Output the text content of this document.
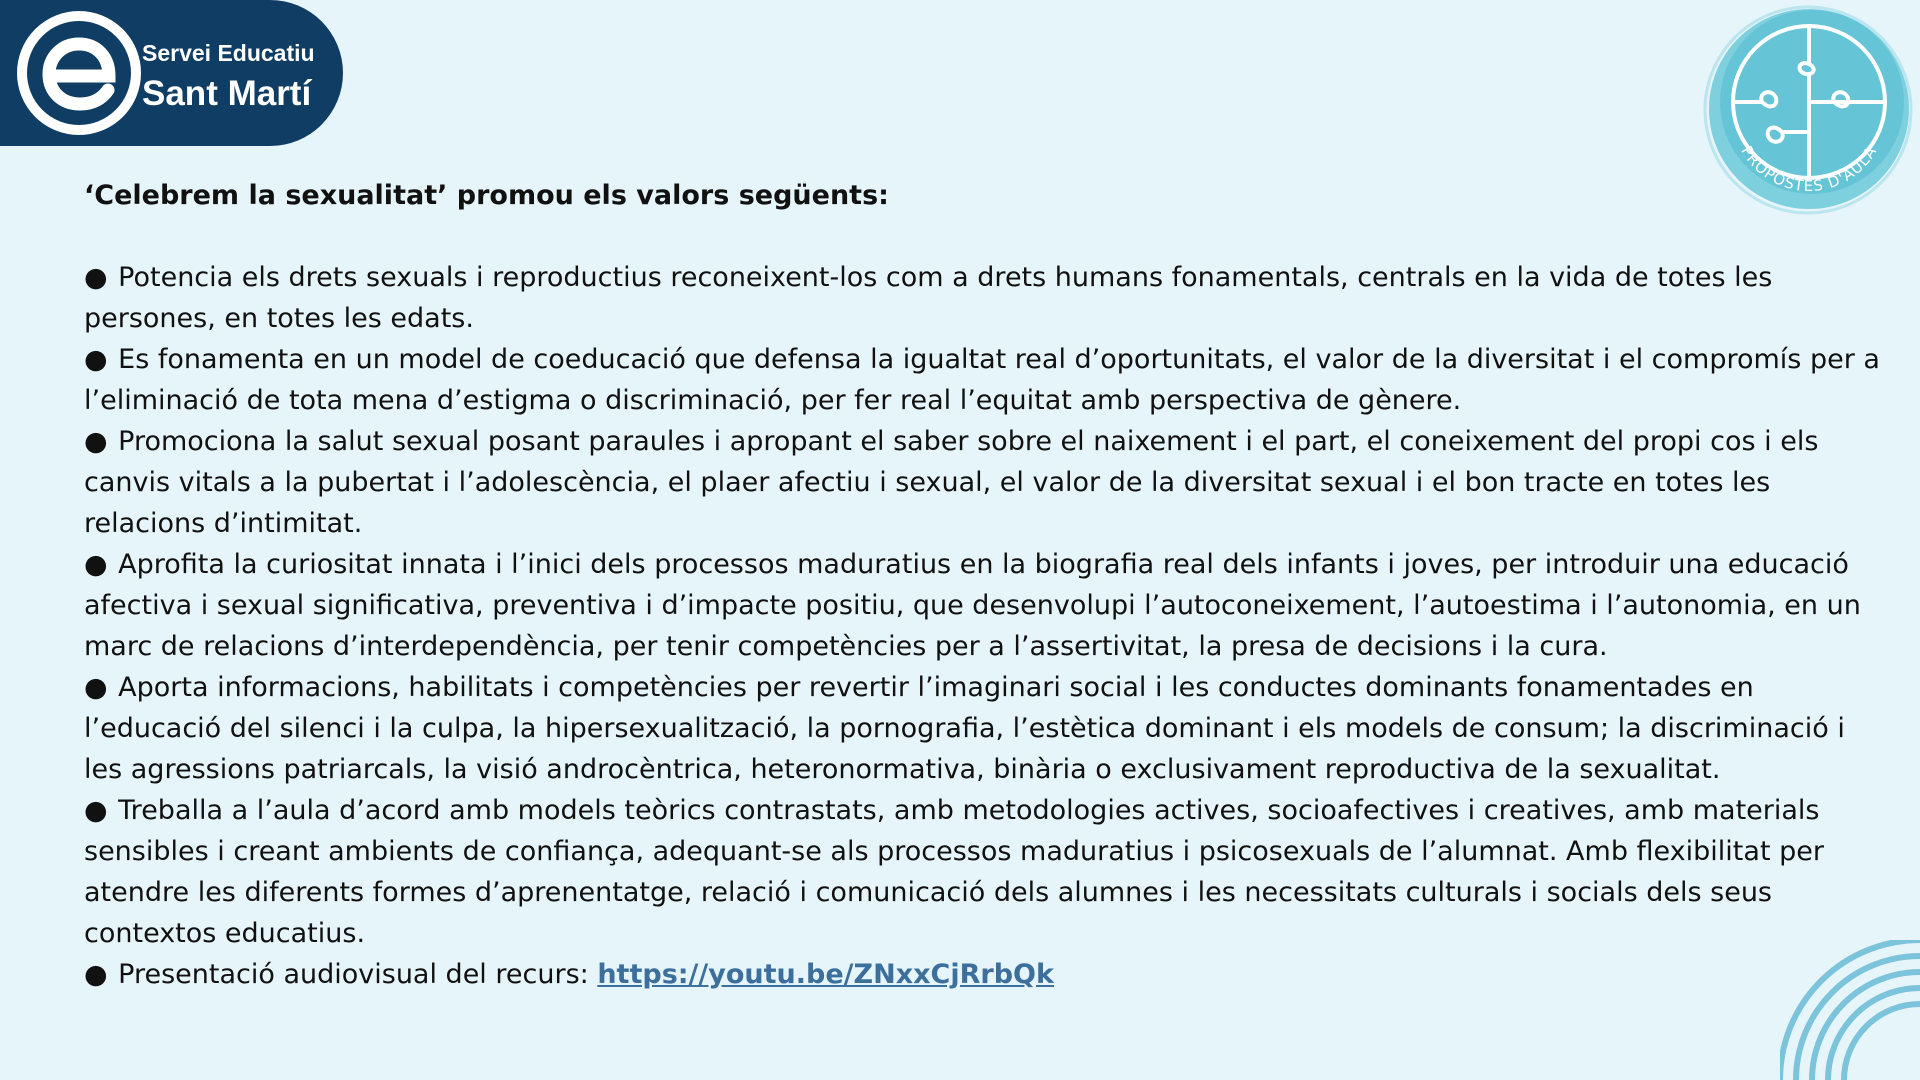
Servei Educatiu
Sant Martí
PROPOSTES D'AULA

‘Celebrem la sexualitat’ promou els valors següents:

● Potencia els drets sexuals i reproductius reconeixent-los com a drets humans fonamentals, centrals en la vida de totes les persones, en totes les edats.

● Es fonamenta en un model de coeducació que defensa la igualtat real d’oportunitats, el valor de la diversitat i el compromís per a l’eliminació de tota mena d’estigma o discriminació, per fer real l’equitat amb perspectiva de gènere.

● Promociona la salut sexual posant paraules i apropant el saber sobre el naixement i el part, el coneixement del propi cos i els canvis vitals a la pubertat i l’adolescència, el plaer afectiu i sexual, el valor de la diversitat sexual i el bon tracte en totes les relacions d’intimitat.

● Aprofita la curiositat innata i l’inici dels processos maduratius en la biografia real dels infants i joves, per introduir una educació afectiva i sexual significativa, preventiva i d’impacte positiu, que desenvolupi l’autoconeixement, l’autoestima i l’autonomia, en un marc de relacions d’interdependència, per tenir competències per a l’assertivitat, la presa de decisions i la cura.

● Aporta informacions, habilitats i competències per revertir l’imaginari social i les conductes dominants fonamentades en l’educació del silenci i la culpa, la hipersexualització, la pornografia, l’estètica dominant i els models de consum; la discriminació i les agressions patriarcals, la visió androcèntrica, heteronormativa, binària o exclusivament reproductiva de la sexualitat.

● Treballa a l’aula d’acord amb models teòrics contrastats, amb metodologies actives, socioafectives i creatives, amb materials sensibles i creant ambients de confiança, adequant-se als processos maduratius i psicosexuals de l’alumnat. Amb flexibilitat per atendre les diferents formes d’aprenentatge, relació i comunicació dels alumnes i les necessitats culturals i socials dels seus contextos educatius.

● Presentació audiovisual del recurs: https://youtu.be/ZNxxCjRrbQk
